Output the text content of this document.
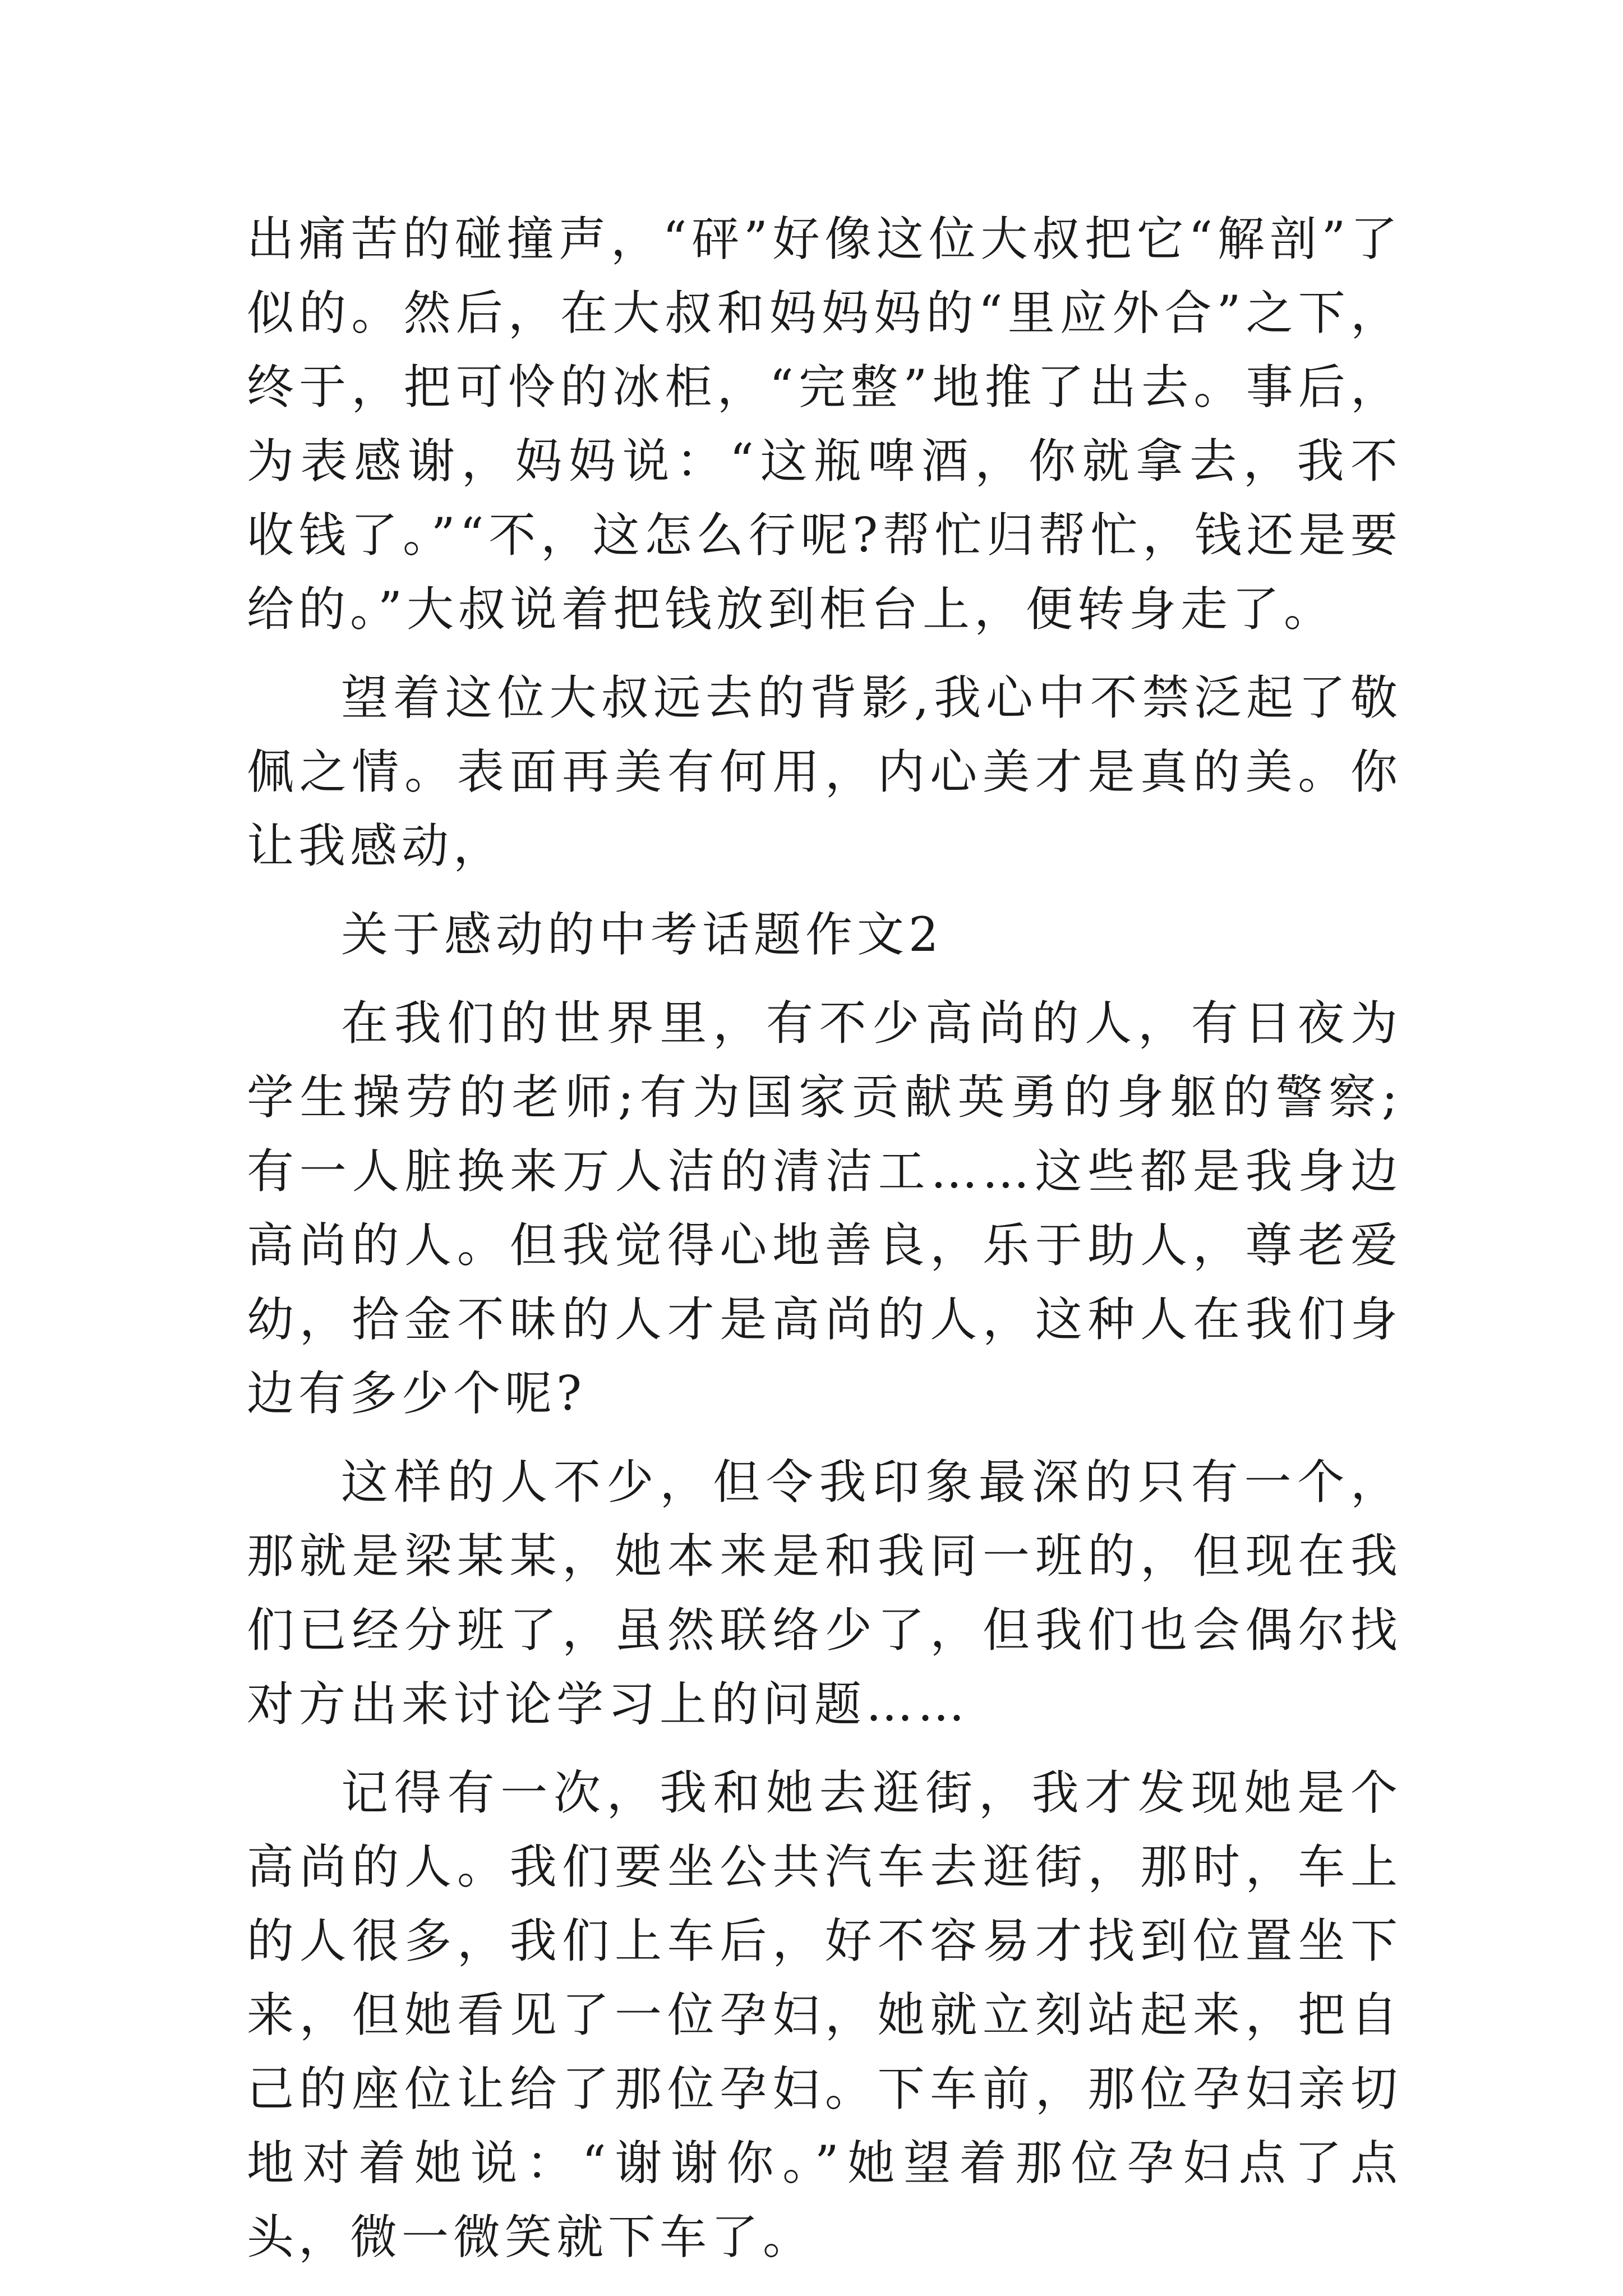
出痛苦的碰撞声，“砰”好像这位大叔把它“解剖”了似的。然后，在大叔和妈妈妈的“里应外合”之下，终于，把可怜的冰柜，“完整”地推了出去。事后，为表感谢，妈妈说：“这瓶啤酒，你就拿去，我不收钱了。”“不，这怎么行呢?帮忙归帮忙，钱还是要给的。”大叔说着把钱放到柜台上，便转身走了。

望着这位大叔远去的背影,我心中不禁泛起了敬佩之情。表面再美有何用，内心美才是真的美。你让我感动，

关于感动的中考话题作文2

在我们的世界里，有不少高尚的人，有日夜为学生操劳的老师;有为国家贡献英勇的身躯的警察;有一人脏换来万人洁的清洁工……这些都是我身边高尚的人。但我觉得心地善良，乐于助人，尊老爱幼，拾金不昧的人才是高尚的人，这种人在我们身边有多少个呢?

这样的人不少，但令我印象最深的只有一个，那就是梁某某，她本来是和我同一班的，但现在我们已经分班了，虽然联络少了，但我们也会偶尔找对方出来讨论学习上的问题……

记得有一次，我和她去逛街，我才发现她是个高尚的人。我们要坐公共汽车去逛街，那时，车上的人很多，我们上车后，好不容易才找到位置坐下来，但她看见了一位孕妇，她就立刻站起来，把自己的座位让给了那位孕妇。下车前，那位孕妇亲切地对着她说：“谢谢你。”她望着那位孕妇点了点头，微一微笑就下车了。
